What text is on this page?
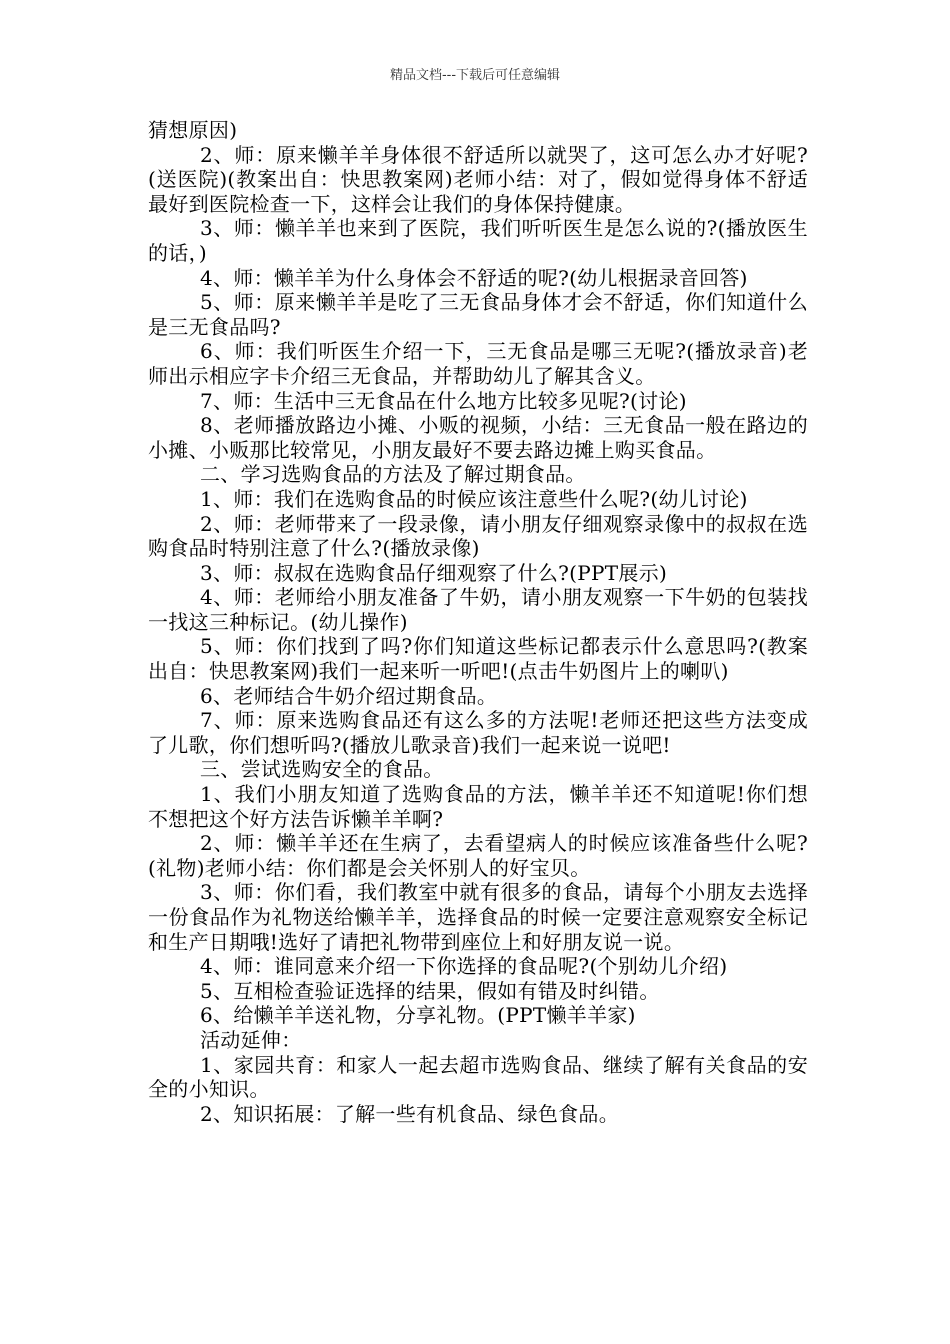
精品文档---下载后可任意编辑

猜想原因)

2、师：原来懒羊羊身体很不舒适所以就哭了，这可怎么办才好呢?(送医院)(教案出自：快思教案网)老师小结：对了，假如觉得身体不舒适最好到医院检查一下，这样会让我们的身体保持健康。

3、师：懒羊羊也来到了医院，我们听听医生是怎么说的?(播放医生的话，)

4、师：懒羊羊为什么身体会不舒适的呢?(幼儿根据录音回答)

5、师：原来懒羊羊是吃了三无食品身体才会不舒适，你们知道什么是三无食品吗?

6、师：我们听医生介绍一下，三无食品是哪三无呢?(播放录音)老师出示相应字卡介绍三无食品，并帮助幼儿了解其含义。

7、师：生活中三无食品在什么地方比较多见呢?(讨论)

8、老师播放路边小摊、小贩的视频，小结：三无食品一般在路边的小摊、小贩那比较常见，小朋友最好不要去路边摊上购买食品。

二、学习选购食品的方法及了解过期食品。

1、师：我们在选购食品的时候应该注意些什么呢?(幼儿讨论)

2、师：老师带来了一段录像，请小朋友仔细观察录像中的叔叔在选购食品时特别注意了什么?(播放录像)

3、师：叔叔在选购食品仔细观察了什么?(PPT展示)

4、师：老师给小朋友准备了牛奶，请小朋友观察一下牛奶的包装找一找这三种标记。(幼儿操作)

5、师：你们找到了吗?你们知道这些标记都表示什么意思吗?(教案出自：快思教案网)我们一起来听一听吧!(点击牛奶图片上的喇叭)

6、老师结合牛奶介绍过期食品。

7、师：原来选购食品还有这么多的方法呢!老师还把这些方法变成了儿歌，你们想听吗?(播放儿歌录音)我们一起来说一说吧!

三、尝试选购安全的食品。

1、我们小朋友知道了选购食品的方法，懒羊羊还不知道呢!你们想不想把这个好方法告诉懒羊羊啊?

2、师：懒羊羊还在生病了，去看望病人的时候应该准备些什么呢?(礼物)老师小结：你们都是会关怀别人的好宝贝。

3、师：你们看，我们教室中就有很多的食品，请每个小朋友去选择一份食品作为礼物送给懒羊羊，选择食品的时候一定要注意观察安全标记和生产日期哦!选好了请把礼物带到座位上和好朋友说一说。

4、师：谁同意来介绍一下你选择的食品呢?(个别幼儿介绍)

5、互相检查验证选择的结果，假如有错及时纠错。

6、给懒羊羊送礼物，分享礼物。(PPT懒羊羊家)

活动延伸：

1、家园共育：和家人一起去超市选购食品、继续了解有关食品的安全的小知识。

2、知识拓展：了解一些有机食品、绿色食品。
